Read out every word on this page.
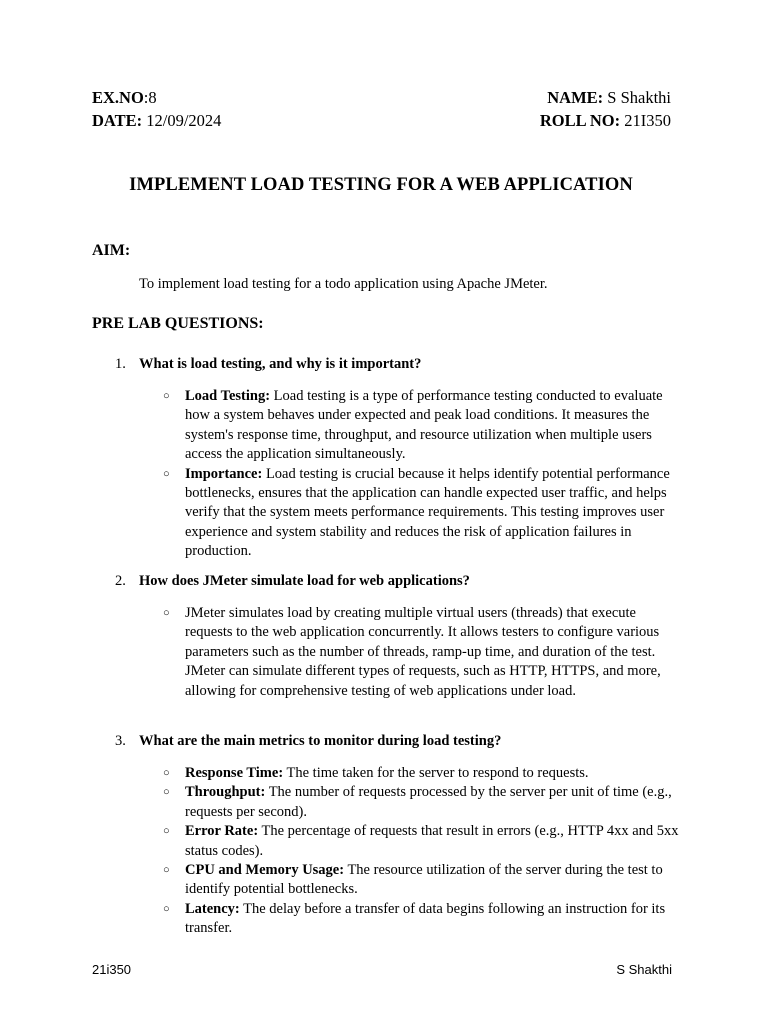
EX.NO:8
DATE: 12/09/2024
NAME: S Shakthi
ROLL NO: 21I350
IMPLEMENT LOAD TESTING FOR A WEB APPLICATION
AIM:
To implement load testing for a todo application using Apache JMeter.
PRE LAB QUESTIONS:
1. What is load testing, and why is it important?
○ Load Testing: Load testing is a type of performance testing conducted to evaluate how a system behaves under expected and peak load conditions. It measures the system's response time, throughput, and resource utilization when multiple users access the application simultaneously.
○ Importance: Load testing is crucial because it helps identify potential performance bottlenecks, ensures that the application can handle expected user traffic, and helps verify that the system meets performance requirements. This testing improves user experience and system stability and reduces the risk of application failures in production.
2. How does JMeter simulate load for web applications?
○ JMeter simulates load by creating multiple virtual users (threads) that execute requests to the web application concurrently. It allows testers to configure various parameters such as the number of threads, ramp-up time, and duration of the test. JMeter can simulate different types of requests, such as HTTP, HTTPS, and more, allowing for comprehensive testing of web applications under load.
3. What are the main metrics to monitor during load testing?
○ Response Time: The time taken for the server to respond to requests.
○ Throughput: The number of requests processed by the server per unit of time (e.g., requests per second).
○ Error Rate: The percentage of requests that result in errors (e.g., HTTP 4xx and 5xx status codes).
○ CPU and Memory Usage: The resource utilization of the server during the test to identify potential bottlenecks.
○ Latency: The delay before a transfer of data begins following an instruction for its transfer.
21i350	S Shakthi
